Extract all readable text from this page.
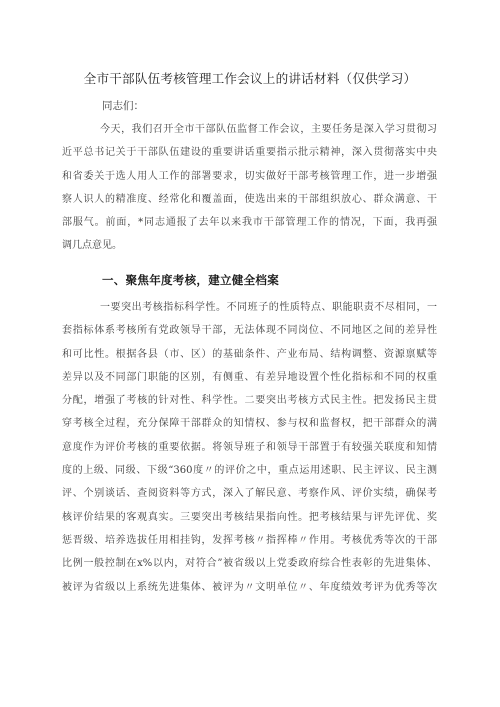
全市干部队伍考核管理工作会议上的讲话材料（仅供学习）
同志们：
今天，我们召开全市干部队伍监督工作会议，主要任务是深入学习贯彻习
近平总书记关于干部队伍建设的重要讲话重要指示批示精神，深入贯彻落实中央
和省委关于选人用人工作的部署要求，切实做好干部考核管理工作，进一步增强
察人识人的精准度、经常化和覆盖面，使选出来的干部组织放心、群众满意、干
部服气。前面，*同志通报了去年以来我市干部管理工作的情况，下面，我再强
调几点意见。
一、聚焦年度考核，建立健全档案
一要突出考核指标科学性。不同班子的性质特点、职能职责不尽相同，一
套指标体系考核所有党政领导干部，无法体现不同岗位、不同地区之间的差异性
和可比性。根据各县（市、区）的基础条件、产业布局、结构调整、资源禀赋等
差异以及不同部门职能的区别，有侧重、有差异地设置个性化指标和不同的权重
分配，增强了考核的针对性、科学性。二要突出考核方式民主性。把发扬民主贯
穿考核全过程，充分保障干部群众的知情权、参与权和监督权，把干部群众的满
意度作为评价考核的重要依据。将领导班子和领导干部置于有较强关联度和知情
度的上级、同级、下级“360度〃的评价之中，重点运用述职、民主评议、民主测
评、个别谈话、查阅资料等方式，深入了解民意、考察作风、评价实绩，确保考
核评价结果的客观真实。三要突出考核结果指向性。把考核结果与评先评优、奖
惩晋级、培养选拔任用相挂钩，发挥考核〃指挥棒〃作用。考核优秀等次的干部
比例一般控制在x%以内，对符合”被省级以上党委政府综合性表彰的先进集体、
被评为省级以上系统先进集体、被评为〃文明单位〃、年度绩效考评为优秀等次
